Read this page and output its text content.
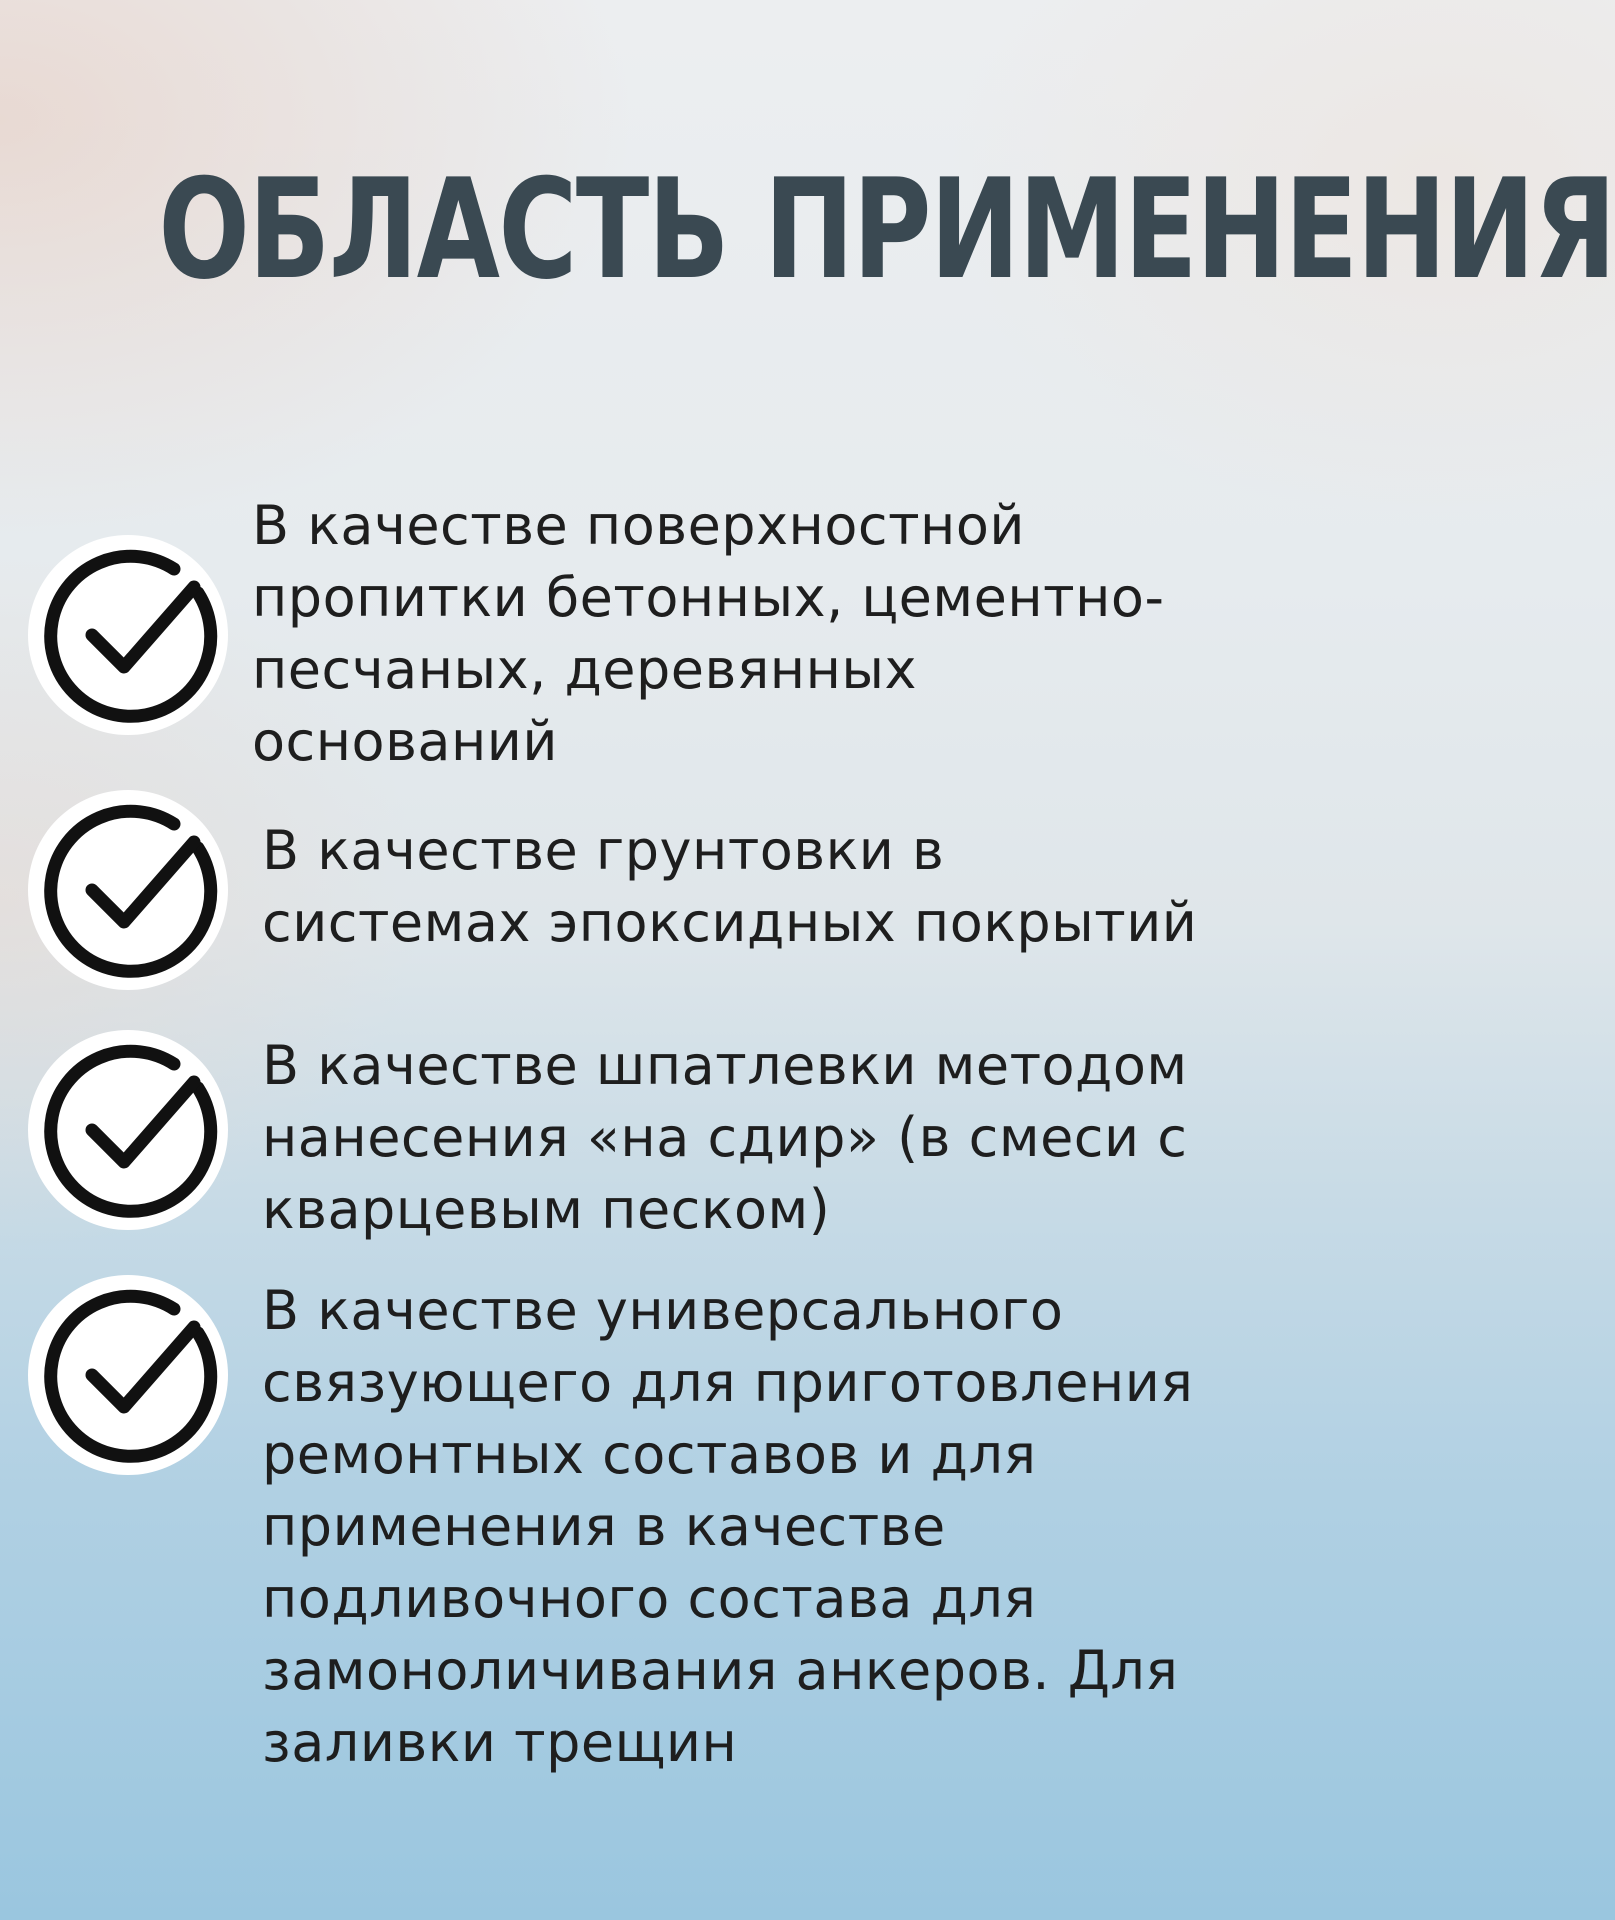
ОБЛАСТЬ ПРИМЕНЕНИЯ

В качестве поверхностной
пропитки бетонных, цементно-
песчаных, деревянных
оснований

В качестве грунтовки в
системах эпоксидных покрытий

В качестве шпатлевки методом
нанесения «на сдир» (в смеси с
кварцевым песком)

В качестве универсального
связующего для приготовления
ремонтных составов и для
применения в качестве
подливочного состава для
замоноличивания анкеров. Для
заливки трещин
